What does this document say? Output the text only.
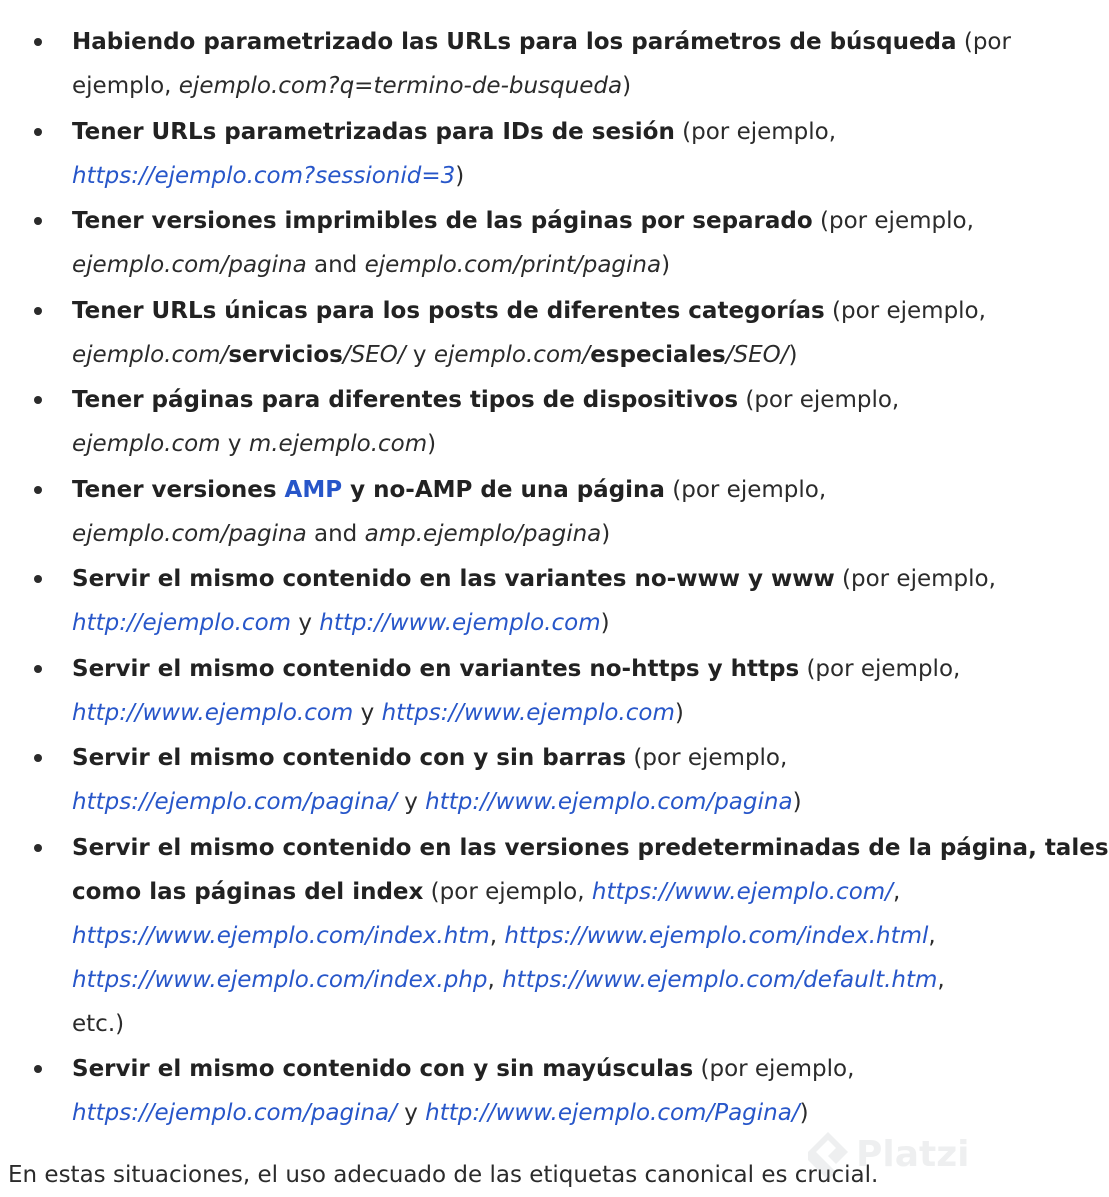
Habiendo parametrizado las URLs para los parámetros de búsqueda (por
ejemplo, ejemplo.com?q=termino-de-busqueda)
Tener URLs parametrizadas para IDs de sesión (por ejemplo,
https://ejemplo.com?sessionid=3)
Tener versiones imprimibles de las páginas por separado (por ejemplo,
ejemplo.com/pagina and ejemplo.com/print/pagina)
Tener URLs únicas para los posts de diferentes categorías (por ejemplo,
ejemplo.com/servicios/SEO/ y ejemplo.com/especiales/SEO/)
Tener páginas para diferentes tipos de dispositivos (por ejemplo,
ejemplo.com y m.ejemplo.com)
Tener versiones AMP y no-AMP de una página (por ejemplo,
ejemplo.com/pagina and amp.ejemplo/pagina)
Servir el mismo contenido en las variantes no-www y www (por ejemplo,
http://ejemplo.com y http://www.ejemplo.com)
Servir el mismo contenido en variantes no-https y https (por ejemplo,
http://www.ejemplo.com y https://www.ejemplo.com)
Servir el mismo contenido con y sin barras (por ejemplo,
https://ejemplo.com/pagina/ y http://www.ejemplo.com/pagina)
Servir el mismo contenido en las versiones predeterminadas de la página, tales
como las páginas del index (por ejemplo, https://www.ejemplo.com/,
https://www.ejemplo.com/index.htm, https://www.ejemplo.com/index.html,
https://www.ejemplo.com/index.php, https://www.ejemplo.com/default.htm,
etc.)
Servir el mismo contenido con y sin mayúsculas (por ejemplo,
https://ejemplo.com/pagina/ y http://www.ejemplo.com/Pagina/)
En estas situaciones, el uso adecuado de las etiquetas canonical es crucial.
Platzi
